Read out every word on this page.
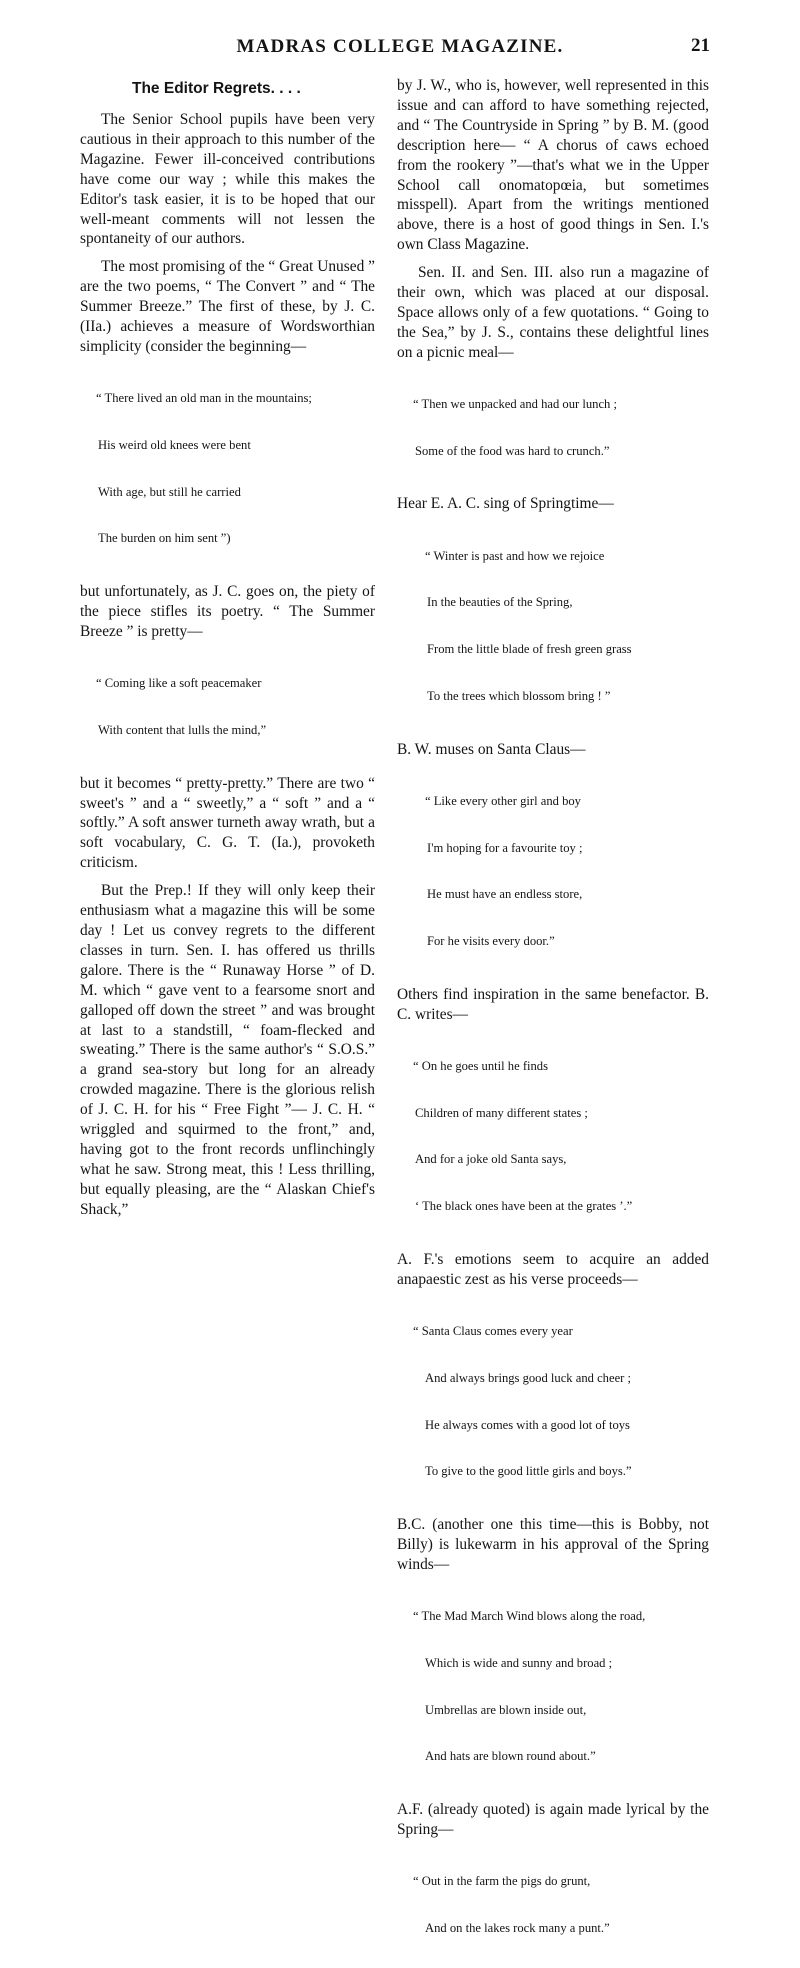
MADRAS COLLEGE MAGAZINE.	21
The Editor Regrets. . . .

The Senior School pupils have been very cautious in their approach to this number of the Magazine. Fewer ill-conceived contributions have come our way ; while this makes the Editor's task easier, it is to be hoped that our well-meant comments will not lessen the spontaneity of our authors.

The most promising of the “ Great Unused ” are the two poems, “ The Convert ” and “ The Summer Breeze.” The first of these, by J. C. (IIa.) achieves a measure of Wordsworthian simplicity (consider the beginning—

“ There lived an old man in the mountains;

His weird old knees were bent

With age, but still he carried

The burden on him sent ”)

but unfortunately, as J. C. goes on, the piety of the piece stifles its poetry. “ The Summer Breeze ” is pretty—

“ Coming like a soft peacemaker

With content that lulls the mind,”

but it becomes “ pretty-pretty.” There are two “ sweet's ” and a “ sweetly,” a “ soft ” and a “ softly.” A soft answer turneth away wrath, but a soft vocabulary, C. G. T. (Ia.), provoketh criticism.

But the Prep.! If they will only keep their enthusiasm what a magazine this will be some day ! Let us convey regrets to the different classes in turn. Sen. I. has offered us thrills galore. There is the “ Runaway Horse ” of D. M. which “ gave vent to a fearsome snort and galloped off down the street ” and was brought at last to a standstill, “ foam-flecked and sweating.” There is the same author's “ S.O.S.” a grand sea-story but long for an already crowded magazine. There is the glorious relish of J. C. H. for his “ Free Fight ”— J. C. H. “ wriggled and squirmed to the front,” and, having got to the front records unflinchingly what he saw. Strong meat, this ! Less thrilling, but equally pleasing, are the “ Alaskan Chief's Shack,”

by J. W., who is, however, well represented in this issue and can afford to have something rejected, and “ The Countryside in Spring ” by B. M. (good description here— “ A chorus of caws echoed from the rookery ”—that's what we in the Upper School call onomatopœia, but sometimes misspell). Apart from the writings mentioned above, there is a host of good things in Sen. I.'s own Class Magazine.

Sen. II. and Sen. III. also run a magazine of their own, which was placed at our disposal. Space allows only of a few quotations. “ Going to the Sea,” by J. S., contains these delightful lines on a picnic meal—

“ Then we unpacked and had our lunch ;

Some of the food was hard to crunch.”

Hear E. A. C. sing of Springtime—

“ Winter is past and how we rejoice

In the beauties of the Spring,

From the little blade of fresh green grass

To the trees which blossom bring ! ”

B. W. muses on Santa Claus—

“ Like every other girl and boy

I'm hoping for a favourite toy ;

He must have an endless store,

For he visits every door.”

Others find inspiration in the same benefactor. B. C. writes—

“ On he goes until he finds

Children of many different states ;

And for a joke old Santa says,

‘ The black ones have been at the grates ’.”

A. F.'s emotions seem to acquire an added anapaestic zest as his verse proceeds—

“ Santa Claus comes every year

And always brings good luck and cheer ;

He always comes with a good lot of toys

To give to the good little girls and boys.”

B.C. (another one this time—this is Bobby, not Billy) is lukewarm in his approval of the Spring winds—

“ The Mad March Wind blows along the road,

Which is wide and sunny and broad ;

Umbrellas are blown inside out,

And hats are blown round about.”

A.F. (already quoted) is again made lyrical by the Spring—

“ Out in the farm the pigs do grunt,

And on the lakes rock many a punt.”
